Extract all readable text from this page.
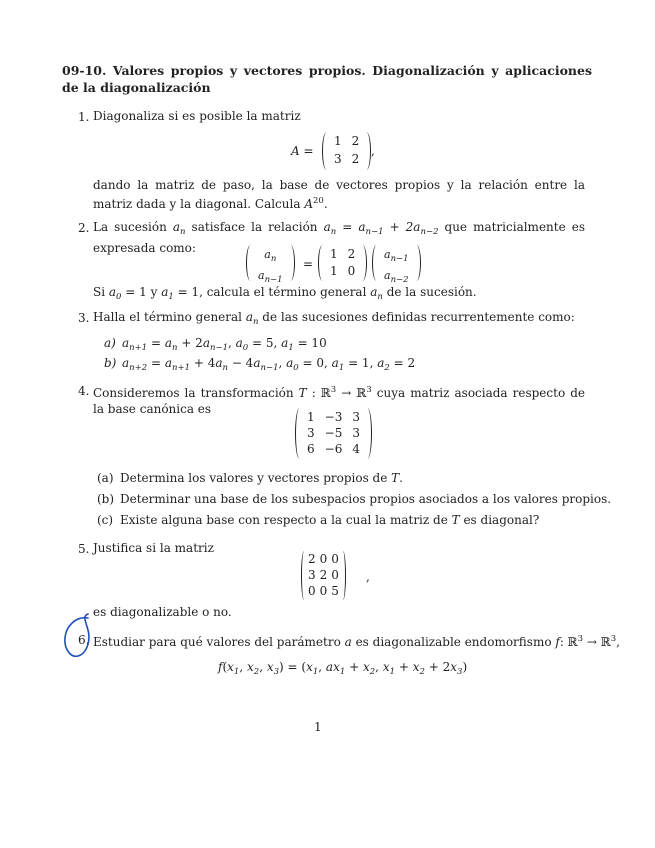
09-10. Valores propios y vectores propios. Diagonalización y aplicaciones de la diagonalización
1. Diagonaliza si es posible la matriz
A =
1 2
3 2
,
dando la matriz de paso, la base de vectores propios y la relación entre la matriz dada y la diagonal. Calcula $A^{20}$.
2. La sucesión $a_n$ satisface la relación $a_n = a_{n-1} + 2a_{n-2}$ que matricialmente es expresada como:	$a_n$
$a_{n-1}$
=
1 2
1 0
$a_{n-1}$
$a_{n-2}$
Si $a_0 = 1$ y $a_1 = 1$, calcula el término general $a_n$ de la sucesión.
3. Halla el término general $a_n$ de las sucesiones definidas recurrentemente como:
a) $a_{n+1} = a_n + 2a_{n-1}$, $a_0 = 5$, $a_1 = 10$
b) $a_{n+2} = a_{n+1} + 4a_n - 4a_{n-1}$, $a_0 = 0$, $a_1 = 1$, $a_2 = 2$
4. Consideremos la transformación T : ℝ$^3$ → ℝ$^3$ cuya matriz asociada respecto de la base canónica es
1 −3 3
3 −5 3
6 −6 4
(a) Determina los valores y vectores propios de T.
(b) Determinar una base de los subespacios propios asociados a los valores propios.
(c) Existe alguna base con respecto a la cual la matriz de T es diagonal?
5. Justifica si la matriz
2 0 0
3 2 0
0 0 5
,
es diagonalizable o no.
6. Estudiar para qué valores del parámetro a es diagonalizable endomorfismo f: ℝ$^3$ → ℝ$^3$,
$f(x_1$, $x_2$, $x_3) = (x_1$, $ax_1 + x_2$, $x_1 + x_2 + 2x_3$)
1
